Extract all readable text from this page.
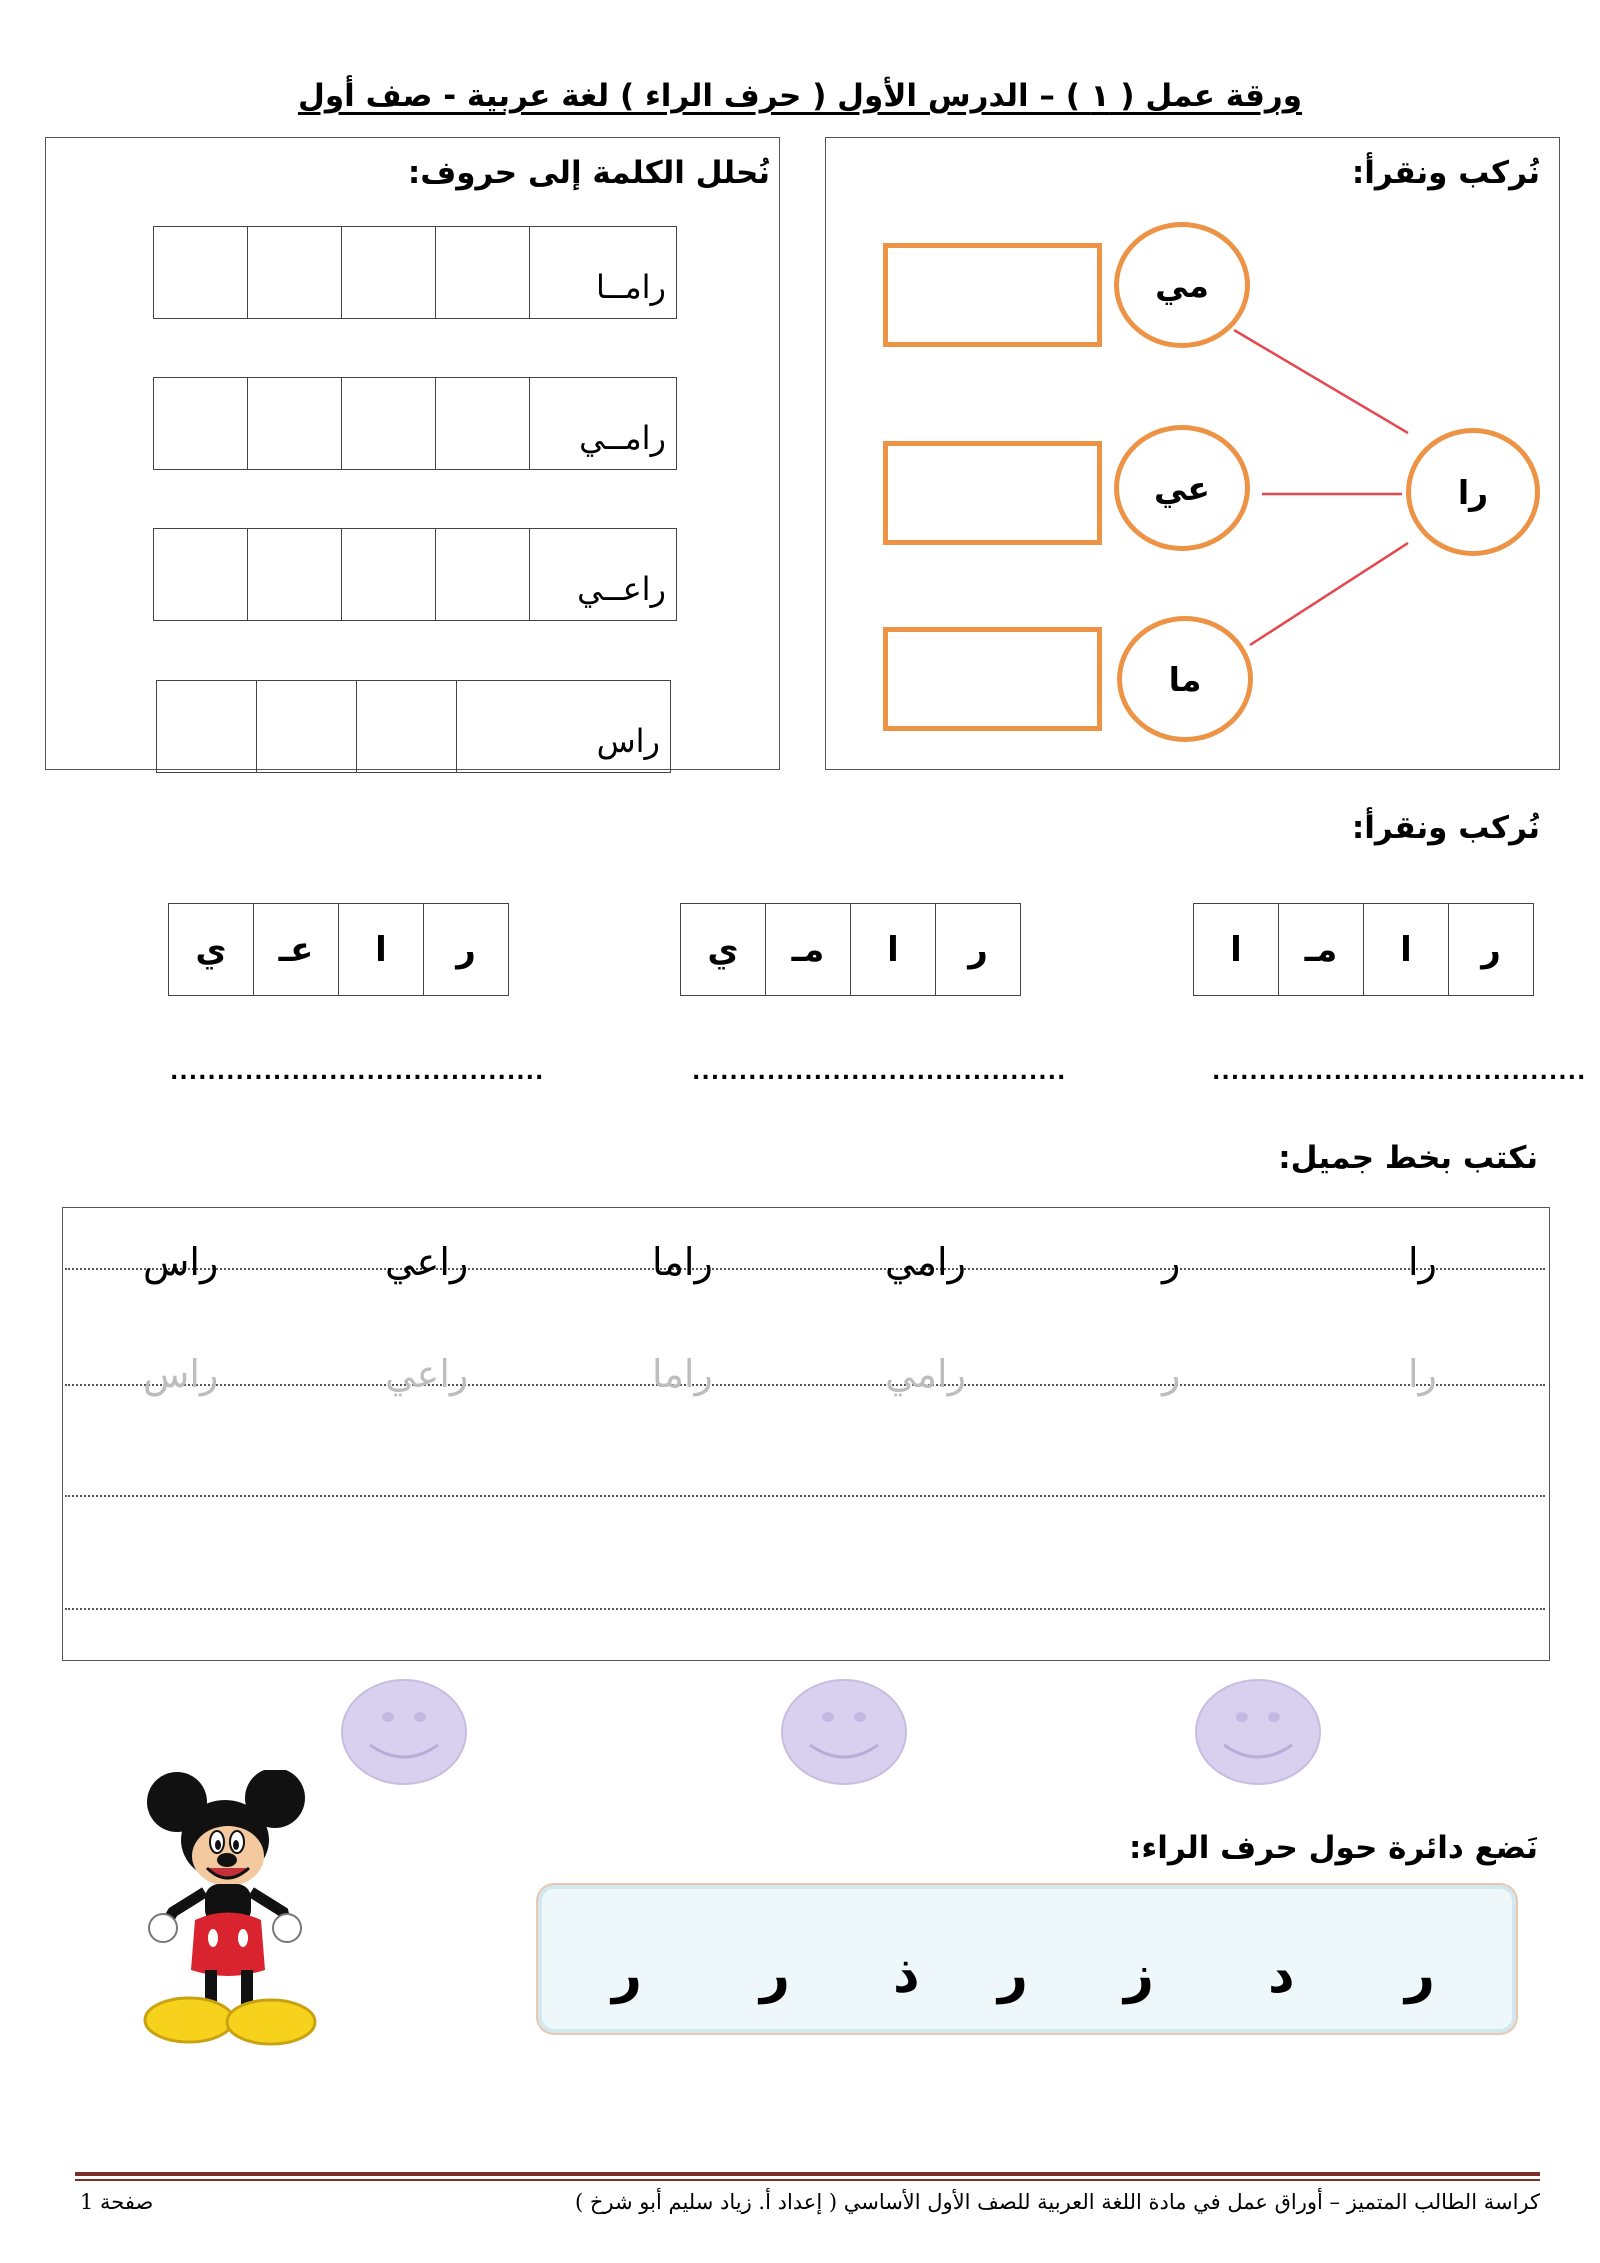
ورقة عمل ( ١ ) – الدرس الأول ( حرف الراء ) لغة عربية - صف أول
نُركب ونقرأ:
را
مي
عي
ما
نُحلل الكلمة إلى حروف:
				رامــا
				رامــي
				راعــي
			راس
نُركب ونقرأ:
ر	ا	مـ	ا
ر	ا	مـ	ي
ر	ا	عـ	ي
........................................
........................................
........................................
نكتب بخط جميل:
را
ر
رامي
راما
راعي
راس
را
ر
رامي
راما
راعي
راس
نَضع دائرة حول حرف الراء:
ر
د
ز
ر
ذ
ر
ر
صفحة 1	كراسة الطالب المتميز – أوراق عمل في مادة اللغة العربية للصف الأول الأساسي ( إعداد أ. زياد سليم أبو شرخ )
